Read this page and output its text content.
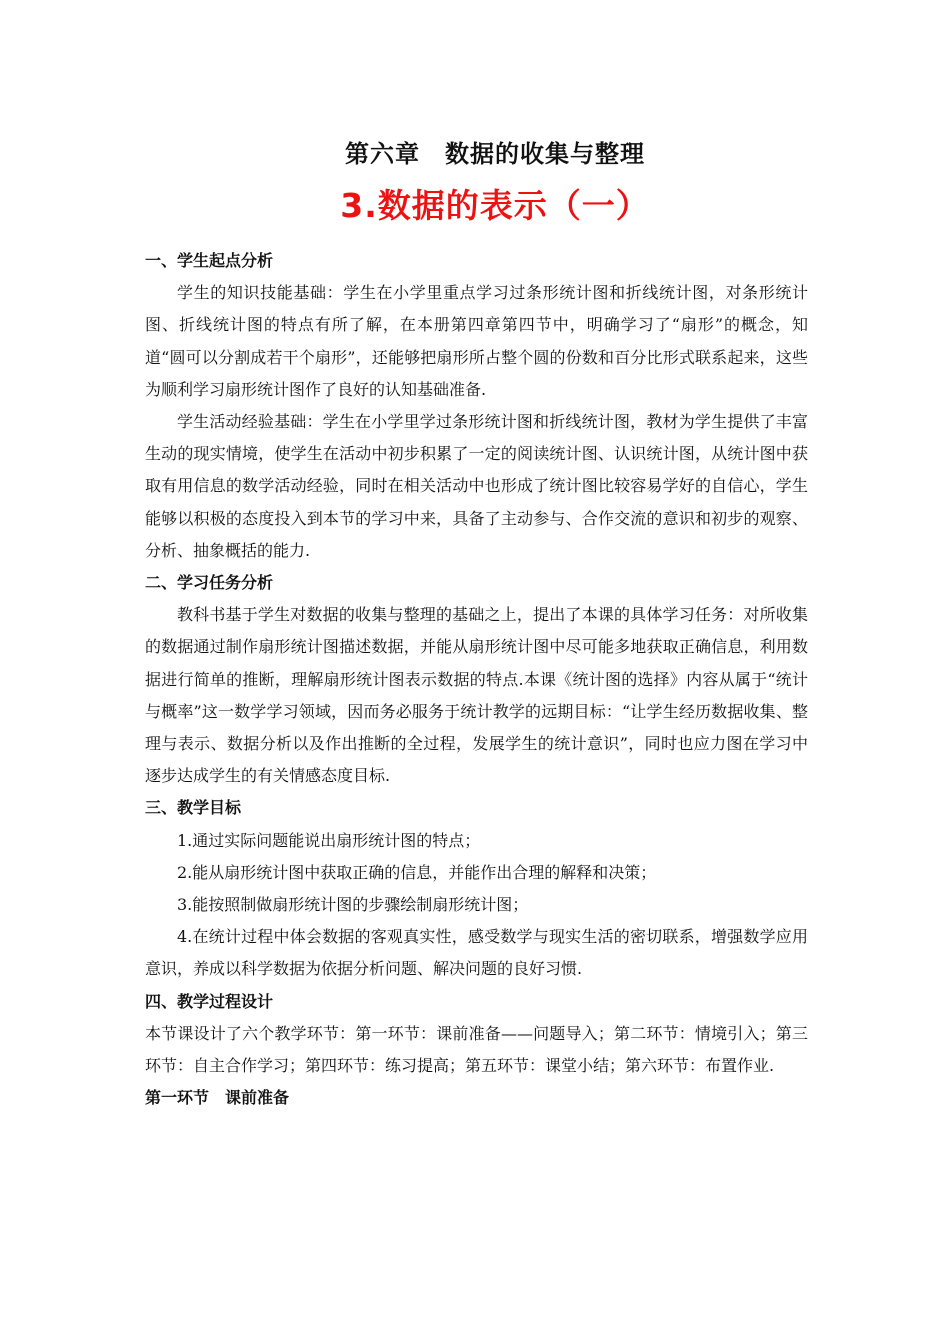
第六章　数据的收集与整理
3.数据的表示（一）

一、学生起点分析

学生的知识技能基础：学生在小学里重点学习过条形统计图和折线统计图，对条形统计图、折线统计图的特点有所了解，在本册第四章第四节中，明确学习了“扇形”的概念，知道“圆可以分割成若干个扇形”，还能够把扇形所占整个圆的份数和百分比形式联系起来，这些为顺利学习扇形统计图作了良好的认知基础准备.

学生活动经验基础：学生在小学里学过条形统计图和折线统计图，教材为学生提供了丰富生动的现实情境，使学生在活动中初步积累了一定的阅读统计图、认识统计图，从统计图中获取有用信息的数学活动经验，同时在相关活动中也形成了统计图比较容易学好的自信心，学生能够以积极的态度投入到本节的学习中来，具备了主动参与、合作交流的意识和初步的观察、分析、抽象概括的能力.

二、学习任务分析

教科书基于学生对数据的收集与整理的基础之上，提出了本课的具体学习任务：对所收集的数据通过制作扇形统计图描述数据，并能从扇形统计图中尽可能多地获取正确信息，利用数据进行简单的推断，理解扇形统计图表示数据的特点.本课《统计图的选择》内容从属于“统计与概率”这一数学学习领域，因而务必服务于统计教学的远期目标：“让学生经历数据收集、整理与表示、数据分析以及作出推断的全过程，发展学生的统计意识”，同时也应力图在学习中逐步达成学生的有关情感态度目标.

三、教学目标

1.通过实际问题能说出扇形统计图的特点；

2.能从扇形统计图中获取正确的信息，并能作出合理的解释和决策；

3.能按照制做扇形统计图的步骤绘制扇形统计图；

4.在统计过程中体会数据的客观真实性，感受数学与现实生活的密切联系，增强数学应用意识，养成以科学数据为依据分析问题、解决问题的良好习惯.

四、教学过程设计

本节课设计了六个教学环节：第一环节：课前准备——问题导入；第二环节：情境引入；第三环节：自主合作学习；第四环节：练习提高；第五环节：课堂小结；第六环节：布置作业.

第一环节　课前准备
